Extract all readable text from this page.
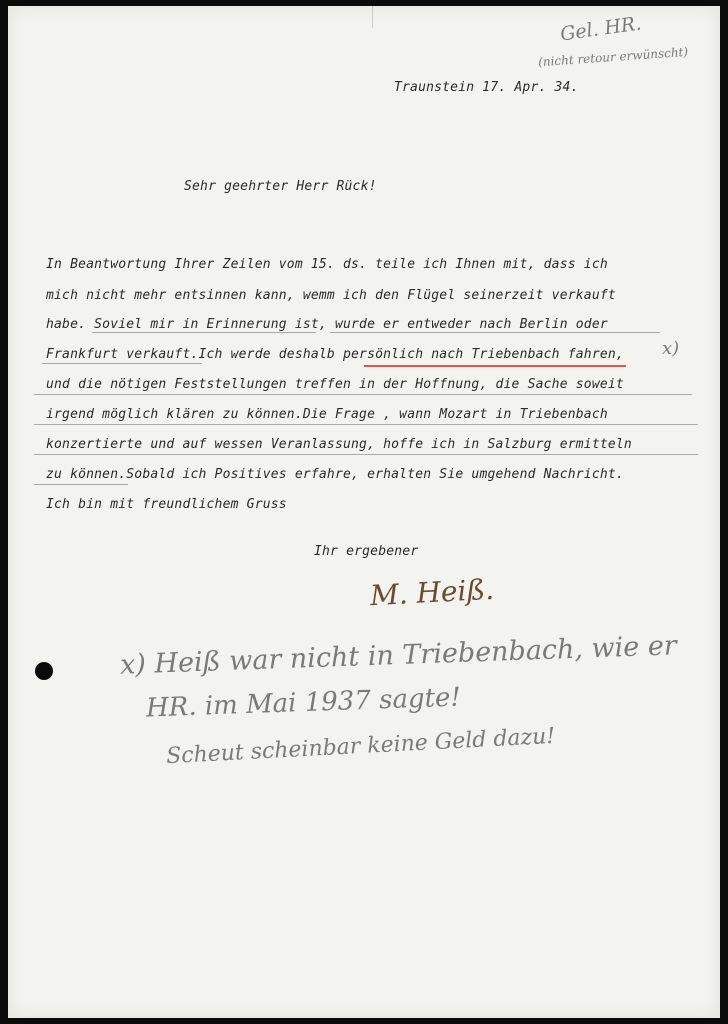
Gel. HR.
(nicht retour erwünscht)
Traunstein 17. Apr. 34.
Sehr geehrter Herr Rück!
In Beantwortung Ihrer Zeilen vom 15. ds. teile ich Ihnen mit, dass ich
mich nicht mehr entsinnen kann, wemm ich den Flügel seinerzeit verkauft
habe. Soviel mir in Erinnerung ist, wurde er entweder nach Berlin oder
Frankfurt verkauft.Ich werde deshalb persönlich nach Triebenbach fahren,
und die nötigen Feststellungen treffen in der Hoffnung, die Sache soweit
irgend möglich klären zu können.Die Frage , wann Mozart in Triebenbach
konzertierte und auf wessen Veranlassung, hoffe ich in Salzburg ermitteln
zu können.Sobald ich Positives erfahre, erhalten Sie umgehend Nachricht.
Ich bin mit freundlichem Gruss
x)
Ihr ergebener
M. Heiß.
x) Heiß war nicht in Triebenbach, wie er
HR. im Mai 1937 sagte!
Scheut scheinbar keine Geld dazu!
